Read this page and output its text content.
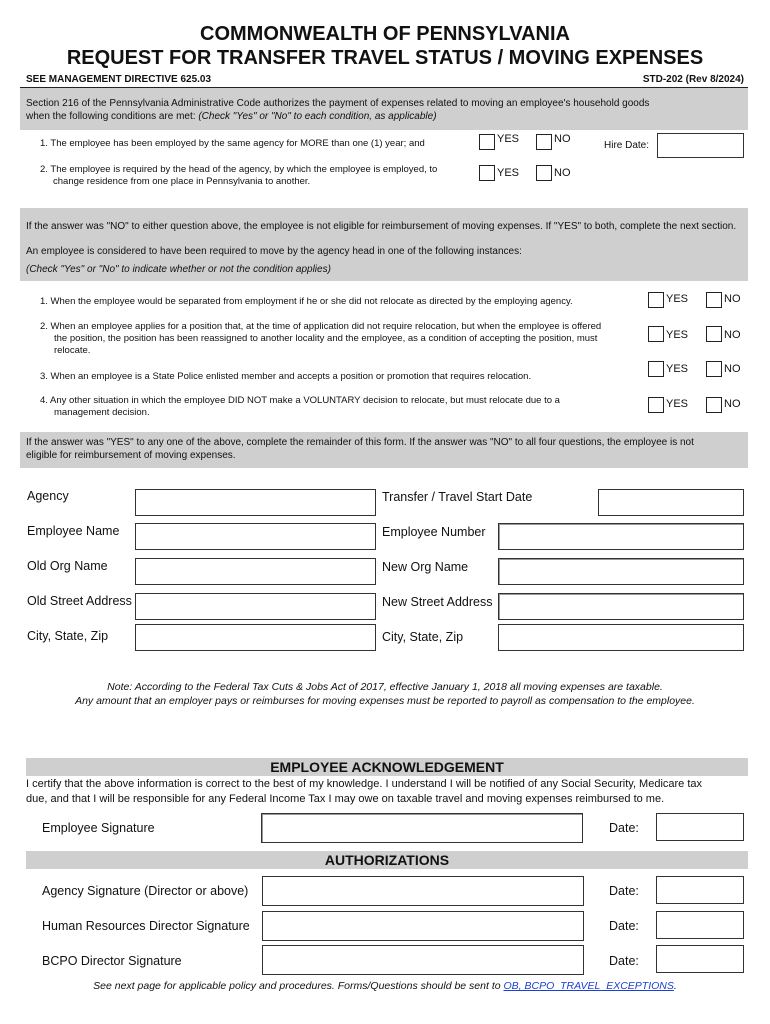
COMMONWEALTH OF PENNSYLVANIA
REQUEST FOR TRANSFER TRAVEL STATUS / MOVING EXPENSES
SEE MANAGEMENT DIRECTIVE 625.03	STD-202 (Rev 8/2024)
Section 216 of the Pennsylvania Administrative Code authorizes the payment of expenses related to moving an employee's household goods
when the following conditions are met: (Check "Yes" or "No" to each condition, as applicable)
1. The employee has been employed by the same agency for MORE than one (1) year; and	YES	NO
Hire Date:
2. The employee is required by the head of the agency, by which the employee is employed, to
change residence from one place in Pennsylvania to another.
YES	NO
If the answer was "NO" to either question above, the employee is not eligible for reimbursement of moving expenses. If "YES" to both, complete the next section.
An employee is considered to have been required to move by the agency head in one of the following instances:
(Check "Yes" or "No" to indicate whether or not the condition applies)
1. When the employee would be separated from employment if he or she did not relocate as directed by the employing agency.	YES	NO
2. When an employee applies for a position that, at the time of application did not require relocation, but when the employee is offered
the position, the position has been reassigned to another locality and the employee, as a condition of accepting the position, must
relocate.
YES	NO
3. When an employee is a State Police enlisted member and accepts a position or promotion that requires relocation.
YES	NO
4. Any other situation in which the employee DID NOT make a VOLUNTARY decision to relocate, but must relocate due to a
management decision.
YES	NO
If the answer was "YES" to any one of the above, complete the remainder of this form. If the answer was "NO" to all four questions, the employee is not
eligible for reimbursement of moving expenses.
Agency	Transfer / Travel Start Date
Employee Name	Employee Number
Old Org Name	New Org Name
Old Street Address	New Street Address
City, State, Zip	City, State, Zip
Note: According to the Federal Tax Cuts & Jobs Act of 2017, effective January 1, 2018 all moving expenses are taxable.
Any amount that an employer pays or reimburses for moving expenses must be reported to payroll as compensation to the employee.
EMPLOYEE ACKNOWLEDGEMENT
I certify that the above information is correct to the best of my knowledge. I understand I will be notified of any Social Security, Medicare tax
due, and that I will be responsible for any Federal Income Tax I may owe on taxable travel and moving expenses reimbursed to me.
Employee Signature	Date:
AUTHORIZATIONS
Agency Signature (Director or above)	Date:
Human Resources Director Signature	Date:
BCPO Director Signature	Date:
See next page for applicable policy and procedures. Forms/Questions should be sent to OB, BCPO_TRAVEL_EXCEPTIONS.
